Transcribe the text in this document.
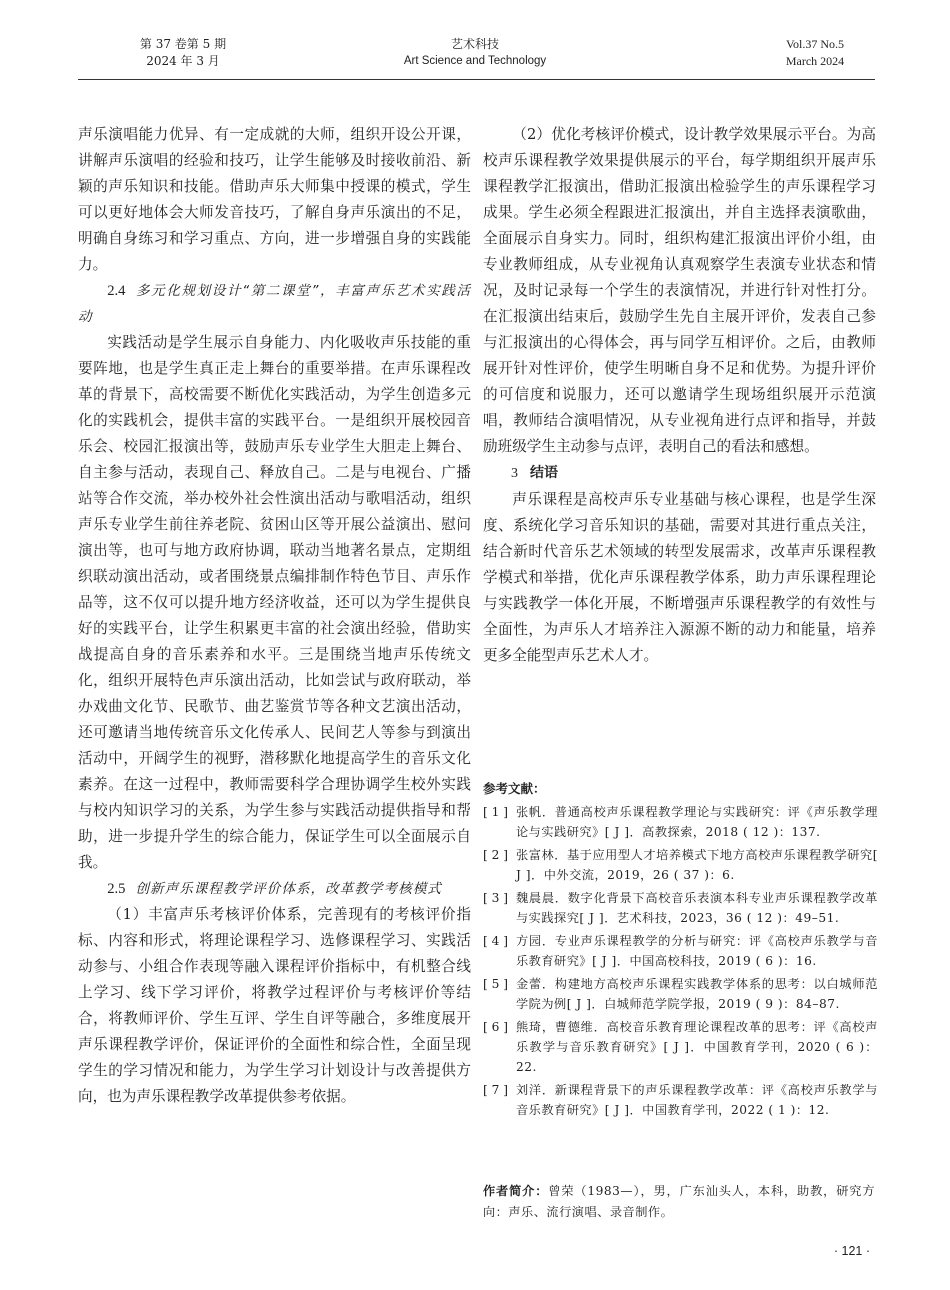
第 37 卷第 5 期
2024 年 3 月
艺术科技
Art Science and Technology
Vol.37 No.5
March 2024

声乐演唱能力优异、有一定成就的大师，组织开设公开课，讲解声乐演唱的经验和技巧，让学生能够及时接收前沿、新颖的声乐知识和技能。借助声乐大师集中授课的模式，学生可以更好地体会大师发音技巧，了解自身声乐演出的不足，明确自身练习和学习重点、方向，进一步增强自身的实践能力。

2.4 多元化规划设计“第二课堂”，丰富声乐艺术实践活动

实践活动是学生展示自身能力、内化吸收声乐技能的重要阵地，也是学生真正走上舞台的重要举措。在声乐课程改革的背景下，高校需要不断优化实践活动，为学生创造多元化的实践机会，提供丰富的实践平台。一是组织开展校园音乐会、校园汇报演出等，鼓励声乐专业学生大胆走上舞台、自主参与活动，表现自己、释放自己。二是与电视台、广播站等合作交流，举办校外社会性演出活动与歌唱活动，组织声乐专业学生前往养老院、贫困山区等开展公益演出、慰问演出等，也可与地方政府协调，联动当地著名景点，定期组织联动演出活动，或者围绕景点编排制作特色节目、声乐作品等，这不仅可以提升地方经济收益，还可以为学生提供良好的实践平台，让学生积累更丰富的社会演出经验，借助实战提高自身的音乐素养和水平。三是围绕当地声乐传统文化，组织开展特色声乐演出活动，比如尝试与政府联动，举办戏曲文化节、民歌节、曲艺鉴赏节等各种文艺演出活动，还可邀请当地传统音乐文化传承人、民间艺人等参与到演出活动中，开阔学生的视野，潜移默化地提高学生的音乐文化素养。在这一过程中，教师需要科学合理协调学生校外实践与校内知识学习的关系，为学生参与实践活动提供指导和帮助，进一步提升学生的综合能力，保证学生可以全面展示自我。

2.5 创新声乐课程教学评价体系，改革教学考核模式

（1）丰富声乐考核评价体系，完善现有的考核评价指标、内容和形式，将理论课程学习、选修课程学习、实践活动参与、小组合作表现等融入课程评价指标中，有机整合线上学习、线下学习评价，将教学过程评价与考核评价等结合，将教师评价、学生互评、学生自评等融合，多维度展开声乐课程教学评价，保证评价的全面性和综合性，全面呈现学生的学习情况和能力，为学生学习计划设计与改善提供方向，也为声乐课程教学改革提供参考依据。

（2）优化考核评价模式，设计教学效果展示平台。为高校声乐课程教学效果提供展示的平台，每学期组织开展声乐课程教学汇报演出，借助汇报演出检验学生的声乐课程学习成果。学生必须全程跟进汇报演出，并自主选择表演歌曲，全面展示自身实力。同时，组织构建汇报演出评价小组，由专业教师组成，从专业视角认真观察学生表演专业状态和情况，及时记录每一个学生的表演情况，并进行针对性打分。在汇报演出结束后，鼓励学生先自主展开评价，发表自己参与汇报演出的心得体会，再与同学互相评价。之后，由教师展开针对性评价，使学生明晰自身不足和优势。为提升评价的可信度和说服力，还可以邀请学生现场组织展开示范演唱，教师结合演唱情况，从专业视角进行点评和指导，并鼓励班级学生主动参与点评，表明自己的看法和感想。

3 结语

声乐课程是高校声乐专业基础与核心课程，也是学生深度、系统化学习音乐知识的基础，需要对其进行重点关注，结合新时代音乐艺术领域的转型发展需求，改革声乐课程教学模式和举措，优化声乐课程教学体系，助力声乐课程理论与实践教学一体化开展，不断增强声乐课程教学的有效性与全面性，为声乐人才培养注入源源不断的动力和能量，培养更多全能型声乐艺术人才。

参考文献：

[ 1 ] 张帆．普通高校声乐课程教学理论与实践研究：评《声乐教学理论与实践研究》[ J ]．高教探索，2018 ( 12 )：137.
[ 2 ] 张富林．基于应用型人才培养模式下地方高校声乐课程教学研究[ J ]．中外交流，2019，26 ( 37 )：6.
[ 3 ] 魏晨晨．数字化背景下高校音乐表演本科专业声乐课程教学改革与实践探究[ J ]．艺术科技，2023，36 ( 12 )：49–51.
[ 4 ] 方园．专业声乐课程教学的分析与研究：评《高校声乐教学与音乐教育研究》[ J ]．中国高校科技，2019 ( 6 )：16.
[ 5 ] 金蕾．构建地方高校声乐课程实践教学体系的思考：以白城师范学院为例[ J ]．白城师范学院学报，2019 ( 9 )：84–87.
[ 6 ] 熊琦，曹德维．高校音乐教育理论课程改革的思考：评《高校声乐教学与音乐教育研究》[ J ]．中国教育学刊，2020 ( 6 )：22.
[ 7 ] 刘洋．新课程背景下的声乐课程教学改革：评《高校声乐教学与音乐教育研究》[ J ]．中国教育学刊，2022 ( 1 )：12.
作者简介：曾荣（1983—），男，广东汕头人，本科，助教，研究方向：声乐、流行演唱、录音制作。
· 121 ·
